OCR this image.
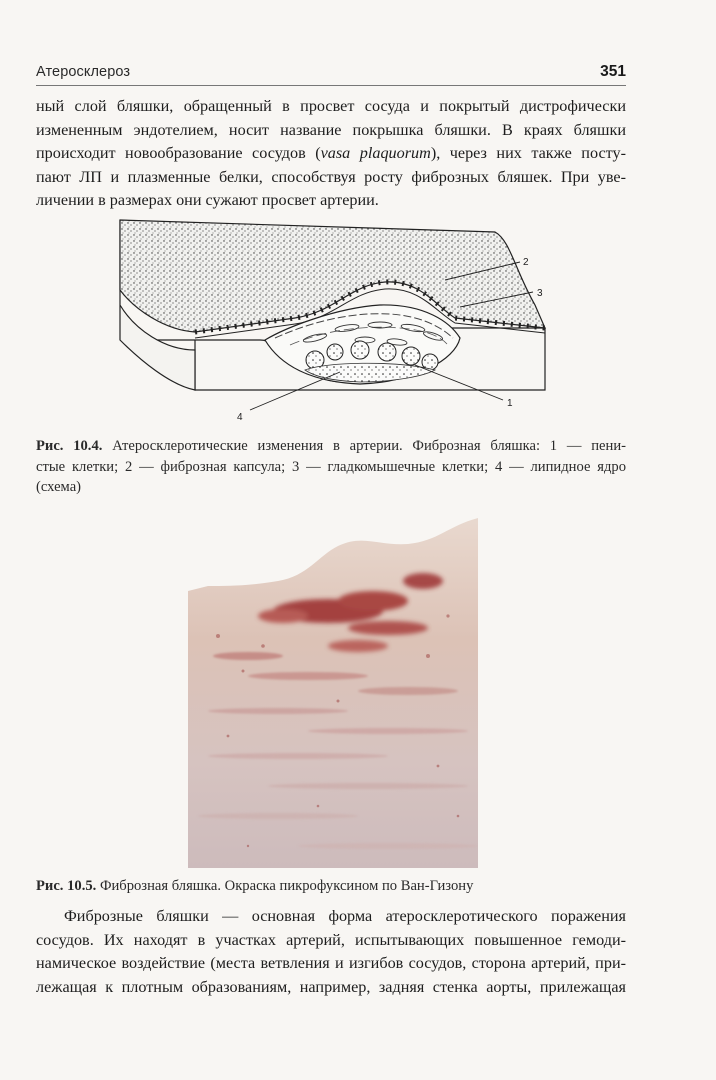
Атеросклероз	351

ный слой бляшки, обращенный в просвет сосуда и покрытый дистрофически
измененным эндотелием, носит название покрышка бляшки. В краях бляшки
происходит новообразование сосудов (vasa plaquorum), через них также посту-
пают ЛП и плазменные белки, способствуя росту фиброзных бляшек. При уве-
личении в размерах они сужают просвет артерии.

2
3
1
4

Рис. 10.4. Атеросклеротические изменения в артерии. Фиброзная бляшка: 1 — пени-
стые клетки; 2 — фиброзная капсула; 3 — гладкомышечные клетки; 4 — липидное ядро
(схема)

Рис. 10.5. Фиброзная бляшка. Окраска пикрофуксином по Ван-Гизону

Фиброзные бляшки — основная форма атеросклеротического поражения
сосудов. Их находят в участках артерий, испытывающих повышенное гемоди-
намическое воздействие (места ветвления и изгибов сосудов, сторона артерий, при-
лежащая к плотным образованиям, например, задняя стенка аорты, прилежащая
